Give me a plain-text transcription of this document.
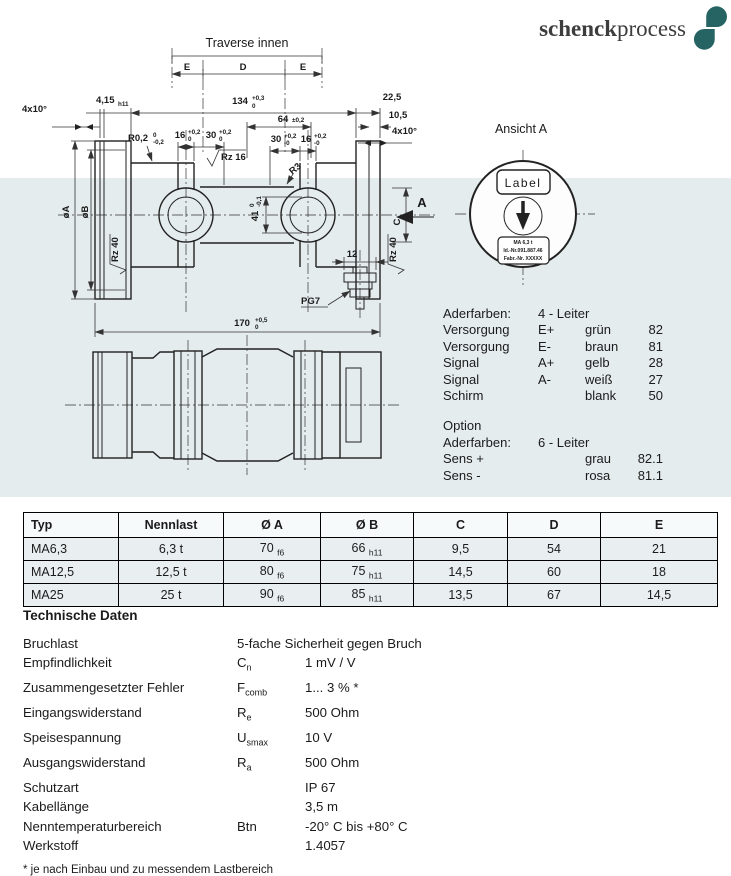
schenckprocess
Traverse innen
E	D	E
4,15 h11	134 +0,3
0
22,5
10,5
64 ±0,2
16 +0,2
0 30 +0,2
0	30 +0,2
-0 16 +0,2
-0
4x10°
4x10°
R0,2 0
-0,2
Rz 16
R3
41
0 -0,1
C
A
Rz 40	Rz 40
12
PG7
170 +0,5
0
øA øB
Ansicht A
Label
MA 6,3 t
Id.-Nr.091.887.46
Fabr.-Nr. XXXXX
Aderfarben:	4 - Leiter
Versorgung	E+	grün	82
Versorgung	E-	braun	81
Signal	A+	gelb	28
Signal	A-	weiß	27
Schirm	blank	50
Option
Aderfarben:	6 - Leiter
Sens +	grau	82.1
Sens -	rosa	81.1
Typ	Nennlast	Ø A	Ø B	C	D	E
MA6,3	6,3 t	70 $_{f6}$	66 $_{h11}$	9,5	54	21
MA12,5	12,5 t	80 $_{f6}$	75 $_{h11}$	14,5	60	18
MA25	25 t	90 $_{f6}$	85 $_{h11}$	13,5	67	14,5
Technische Daten
Bruchlast	5-fache Sicherheit gegen Bruch
Empfindlichkeit	$C_n$	1 mV / V
Zusammengesetzter Fehler	$F_{comb}$	1... 3 % *
Eingangswiderstand	$R_e$	500 Ohm
Speisespannung	$U_{smax}$	10 V
Ausgangswiderstand	$R_a$	500 Ohm
Schutzart	IP 67
Kabellänge	3,5 m
Nenntemperaturbereich	Btn	-20° C bis +80° C
Werkstoff	1.4057
* je nach Einbau und zu messendem Lastbereich
